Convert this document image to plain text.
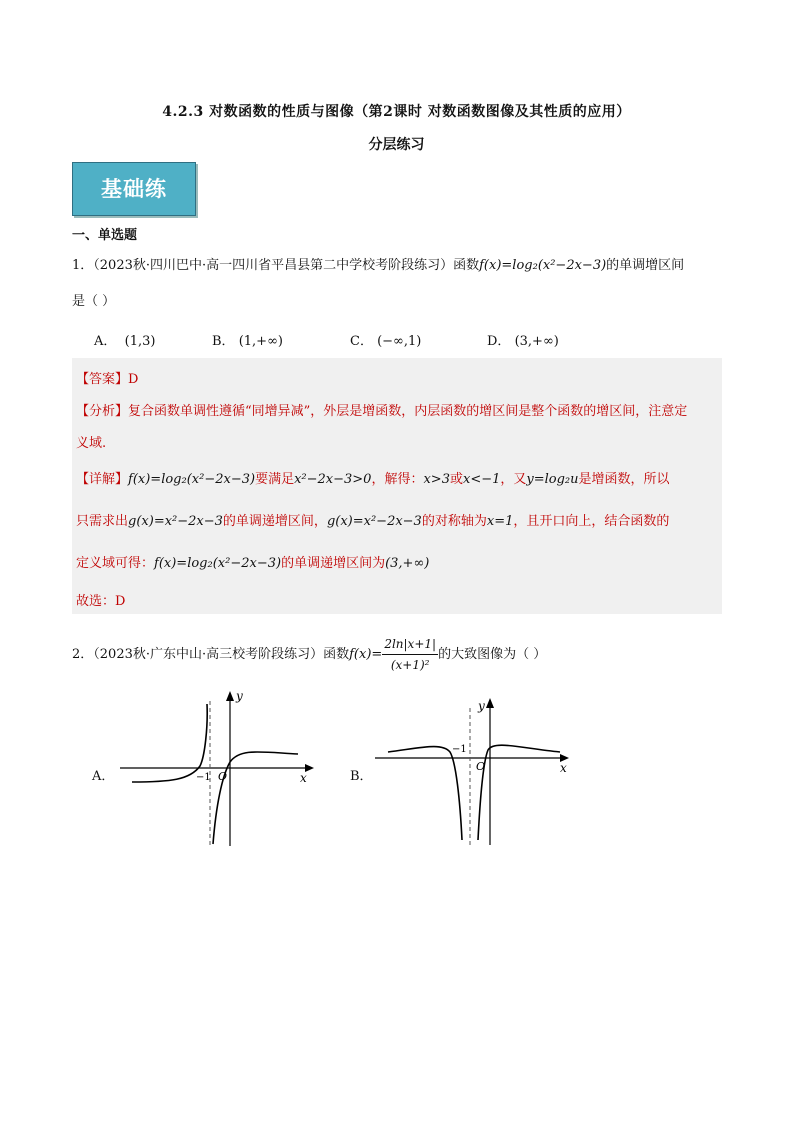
4.2.3 对数函数的性质与图像（第2课时 对数函数图像及其性质的应用）
分层练习
基础练
一、单选题
1．（2023秋·四川巴中·高一四川省平昌县第二中学校考阶段练习）函数f(x)=log₂(x²−2x−3)的单调增区间
是（ ）
A． (1,3)	B． (1,+∞)	C． (−∞,1)	D． (3,+∞)
【答案】D
【分析】复合函数单调性遵循“同增异减”，外层是增函数，内层函数的增区间是整个函数的增区间，注意定
义域.
【详解】f(x)=log₂(x²−2x−3)要满足x²−2x−3>0，解得：x>3或x<−1，又y=log₂u是增函数，所以
只需求出g(x)=x²−2x−3的单调递增区间，g(x)=x²−2x−3的对称轴为x=1，且开口向上，结合函数的
定义域可得：f(x)=log₂(x²−2x−3)的单调递增区间为(3,+∞)
故选：D
2．（2023秋·广东中山·高三校考阶段练习）函数$f(x)= \frac{2\ln|x+1|}{\text{(x+1)²}}$ 的大致图像为（ ）
A．
y
x
O
−1	B．
y
x
O
−1
